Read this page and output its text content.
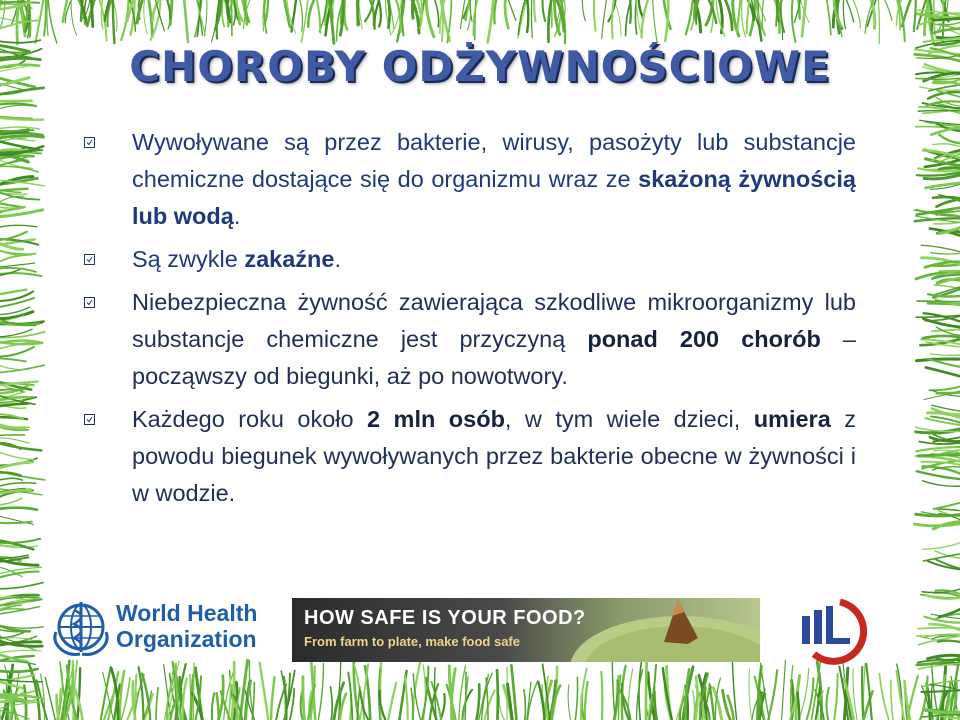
CHOROBY ODŻYWNOŚCIOWE
Wywoływane są przez bakterie, wirusy, pasożyty lub substancje chemiczne dostające się do organizmu wraz ze skażoną żywnością lub wodą.
Są zwykle zakaźne.
Niebezpieczna żywność zawierająca szkodliwe mikroorganizmy lub substancje chemiczne jest przyczyną ponad 200 chorób – począwszy od biegunki, aż po nowotwory.
Każdego roku około 2 mln osób, w tym wiele dzieci, umiera z powodu biegunek wywoływanych przez bakterie obecne w żywności i w wodzie.
World Health
Organization
HOW SAFE IS YOUR FOOD?
From farm to plate, make food safe
